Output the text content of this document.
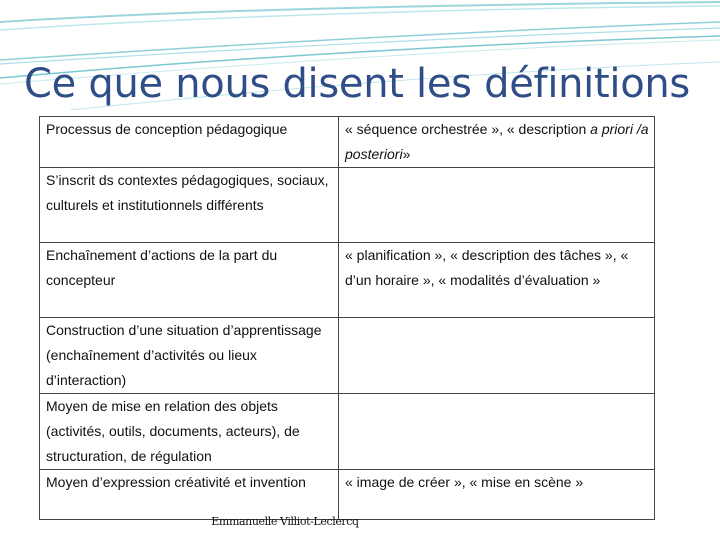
Ce que nous disent les définitions
Processus de conception pédagogique	« séquence orchestrée », « description a priori /a posteriori»
S’inscrit ds contextes pédagogiques, sociaux, culturels et institutionnels différents	
Enchaînement d’actions de la part du concepteur	« planification », « description des tâches », « d’un horaire », « modalités d’évaluation »
Construction d’une situation d’apprentissage (enchaînement d’activités ou lieux d’interaction)	
Moyen de mise en relation des objets (activités, outils, documents, acteurs), de structuration, de régulation	
Moyen d’expression créativité et invention	« image de créer », « mise en scène »
Emmanuelle Villiot-Leclercq
